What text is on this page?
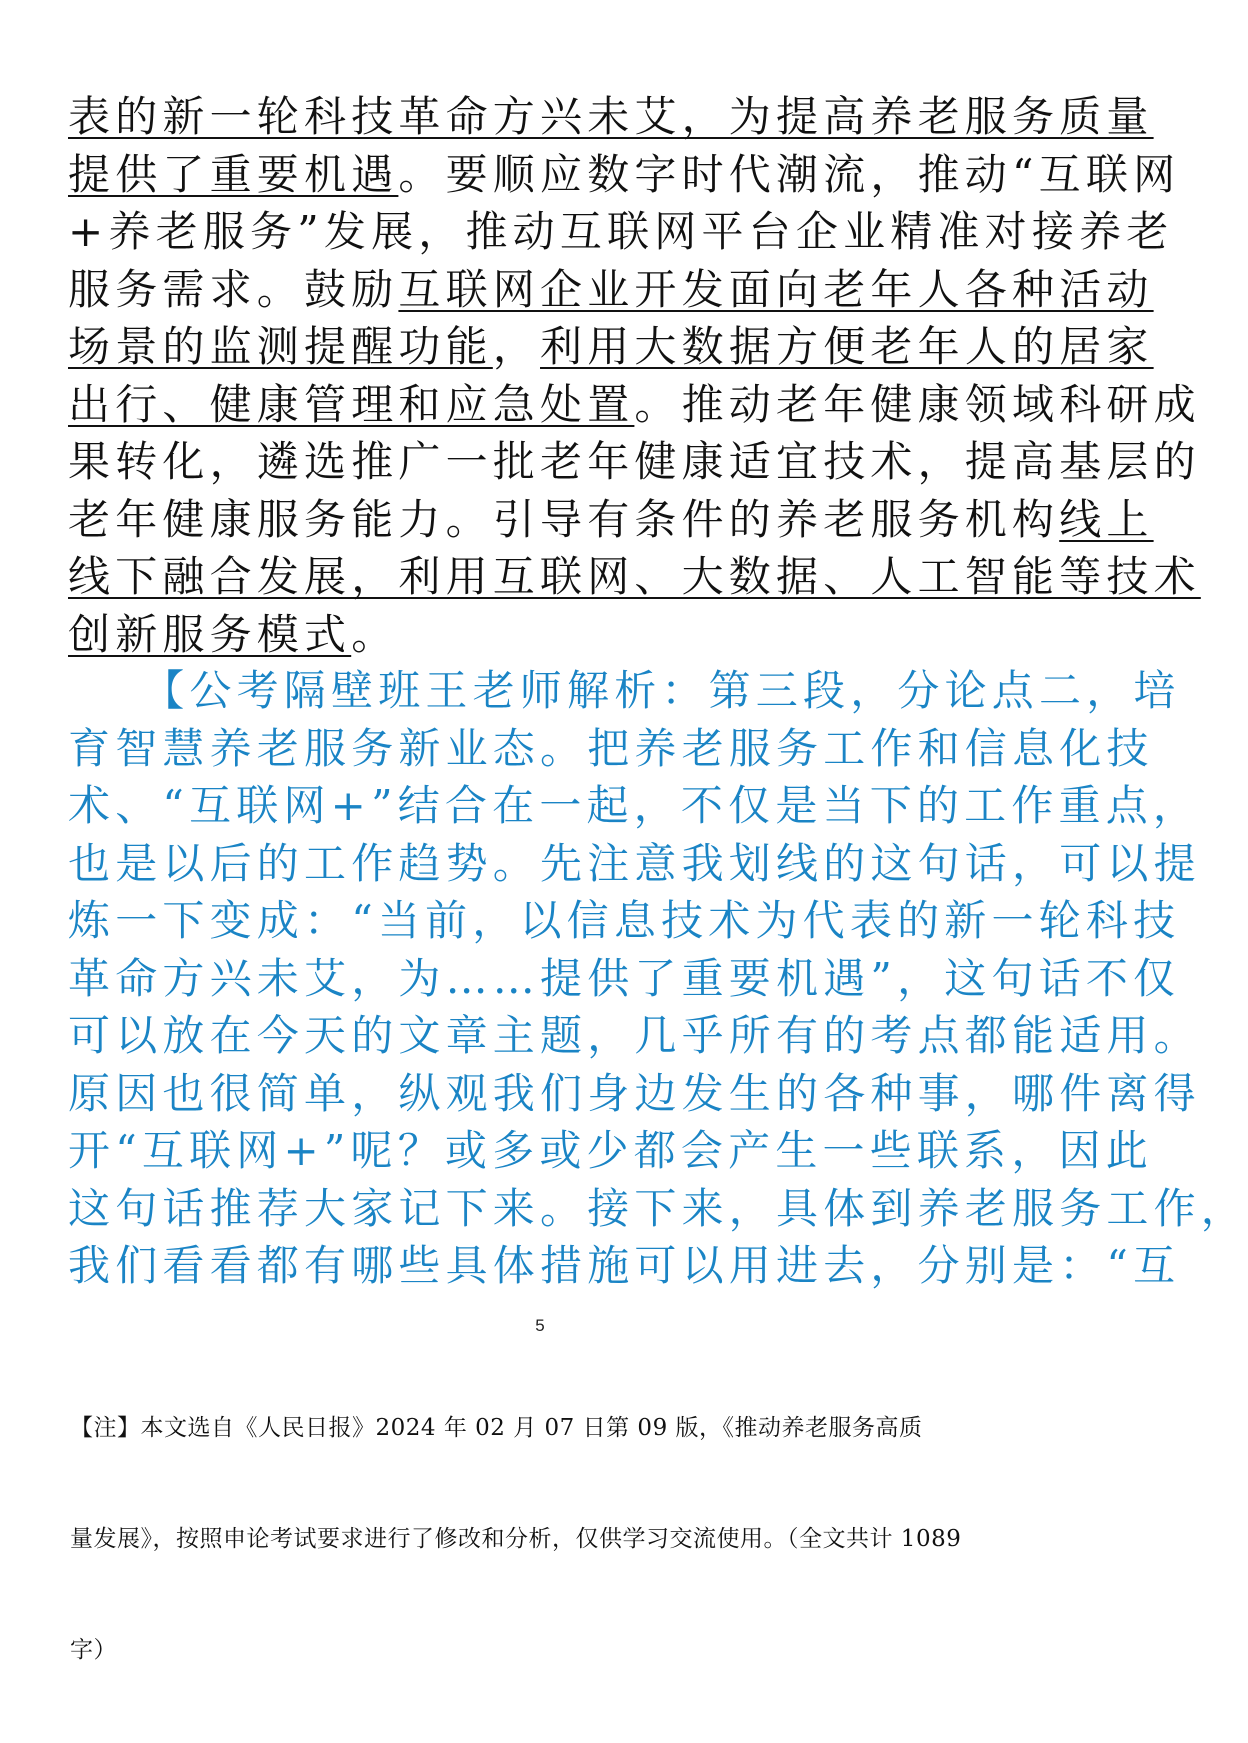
表的新一轮科技革命方兴未艾，为提高养老服务质量
提供了重要机遇。要顺应数字时代潮流，推动“互联网
+养老服务”发展，推动互联网平台企业精准对接养老
服务需求。鼓励互联网企业开发面向老年人各种活动
场景的监测提醒功能，利用大数据方便老年人的居家
出行、健康管理和应急处置。推动老年健康领域科研成
果转化，遴选推广一批老年健康适宜技术，提高基层的
老年健康服务能力。引导有条件的养老服务机构线上
线下融合发展，利用互联网、大数据、人工智能等技术
创新服务模式。
【公考隔壁班王老师解析：第三段，分论点二，培
育智慧养老服务新业态。把养老服务工作和信息化技
术、“互联网+”结合在一起，不仅是当下的工作重点，
也是以后的工作趋势。先注意我划线的这句话，可以提
炼一下变成：“当前，以信息技术为代表的新一轮科技
革命方兴未艾，为……提供了重要机遇”，这句话不仅
可以放在今天的文章主题，几乎所有的考点都能适用。
原因也很简单，纵观我们身边发生的各种事，哪件离得
开“互联网+”呢？或多或少都会产生一些联系，因此
这句话推荐大家记下来。接下来，具体到养老服务工作，
我们看看都有哪些具体措施可以用进去，分别是：“互
5

【注】本文选自《人民日报》2024 年 02 月 07 日第 09 版，《推动养老服务高质

量发展》，按照申论考试要求进行了修改和分析，仅供学习交流使用。（全文共计 1089

字）
